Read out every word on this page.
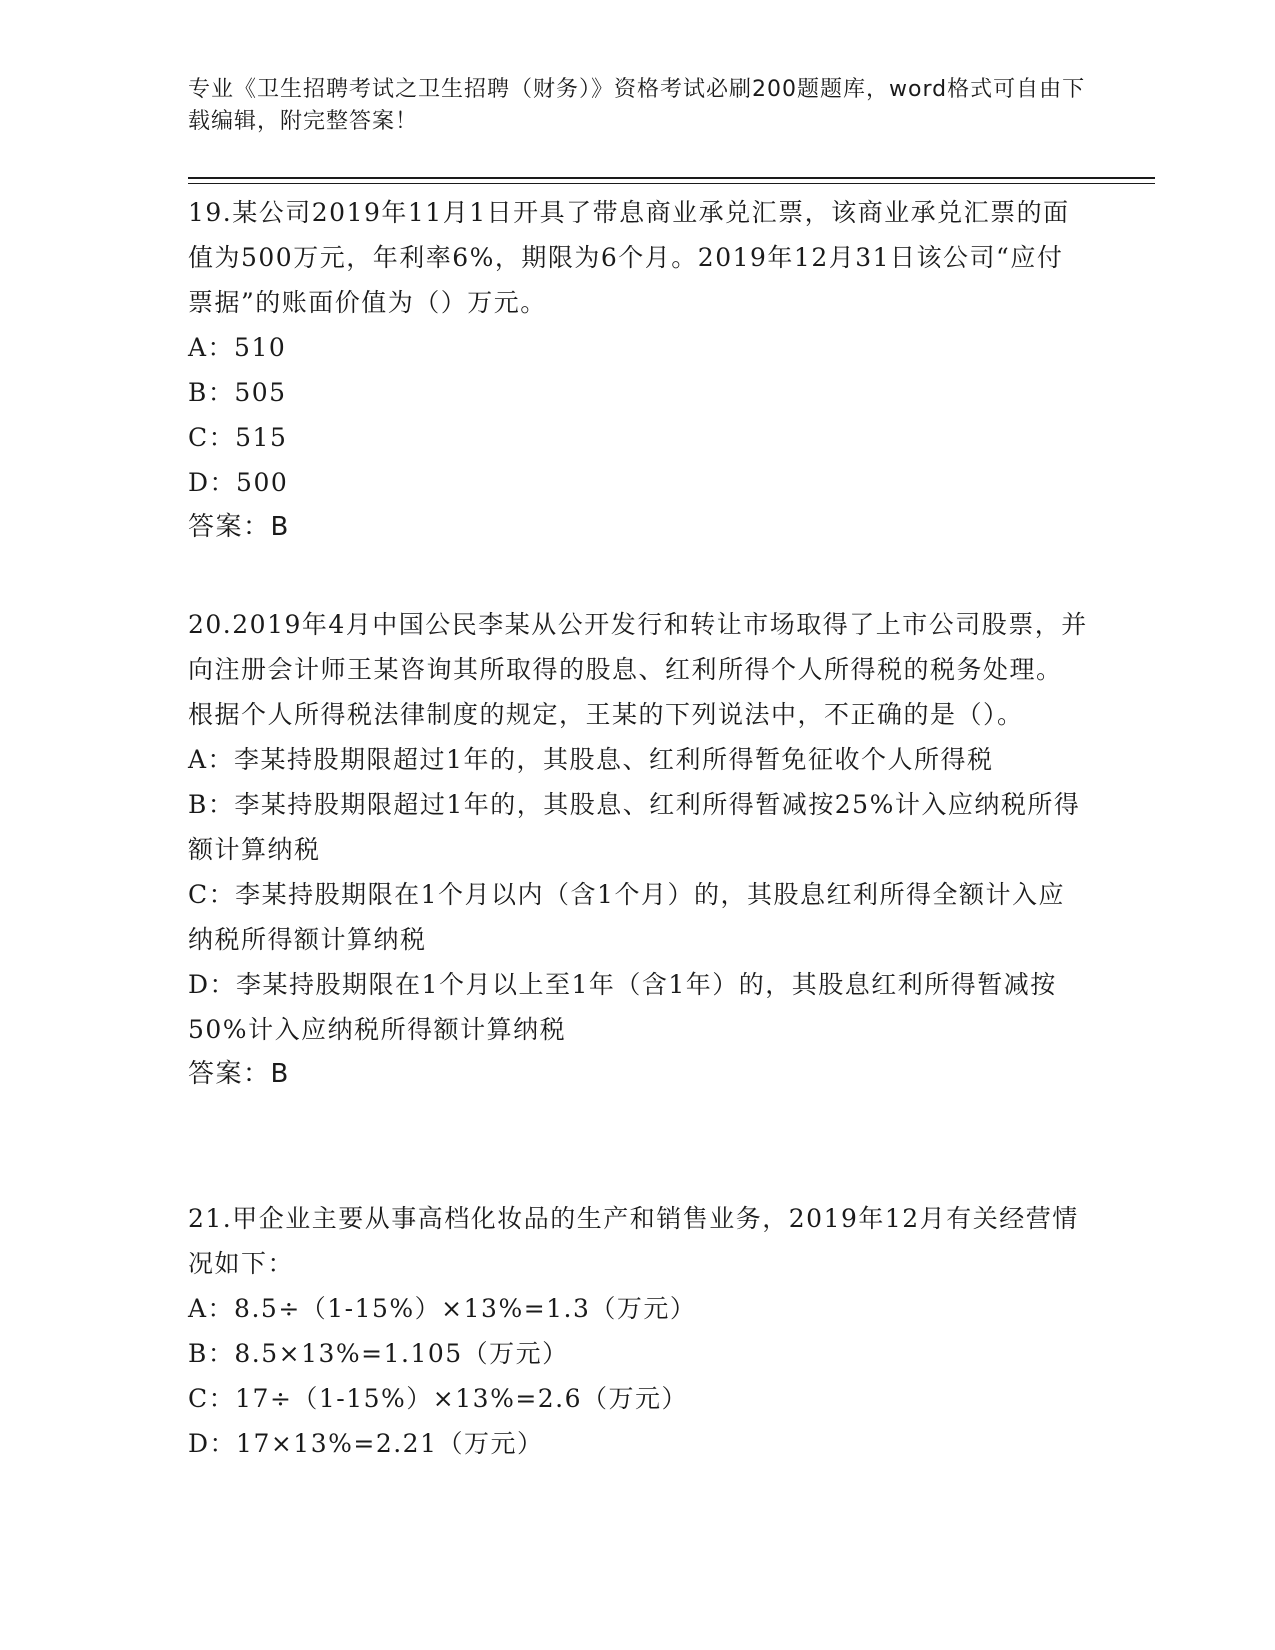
专业《卫生招聘考试之卫生招聘（财务）》资格考试必刷200题题库，word格式可自由下载编辑，附完整答案！

19.某公司2019年11月1日开具了带息商业承兑汇票，该商业承兑汇票的面值为500万元，年利率6%，期限为6个月。2019年12月31日该公司“应付票据”的账面价值为（）万元。

A：510

B：505

C：515

D：500

答案：B

20.2019年4月中国公民李某从公开发行和转让市场取得了上市公司股票，并向注册会计师王某咨询其所取得的股息、红利所得个人所得税的税务处理。根据个人所得税法律制度的规定，王某的下列说法中，不正确的是（）。

A：李某持股期限超过1年的，其股息、红利所得暂免征收个人所得税

B：李某持股期限超过1年的，其股息、红利所得暂减按25%计入应纳税所得额计算纳税

C：李某持股期限在1个月以内（含1个月）的，其股息红利所得全额计入应纳税所得额计算纳税

D：李某持股期限在1个月以上至1年（含1年）的，其股息红利所得暂减按50%计入应纳税所得额计算纳税

答案：B

21.甲企业主要从事高档化妆品的生产和销售业务，2019年12月有关经营情况如下：

A：8.5÷（1-15%）×13%=1.3（万元）

B：8.5×13%=1.105（万元）

C：17÷（1-15%）×13%=2.6（万元）

D：17×13%=2.21（万元）
